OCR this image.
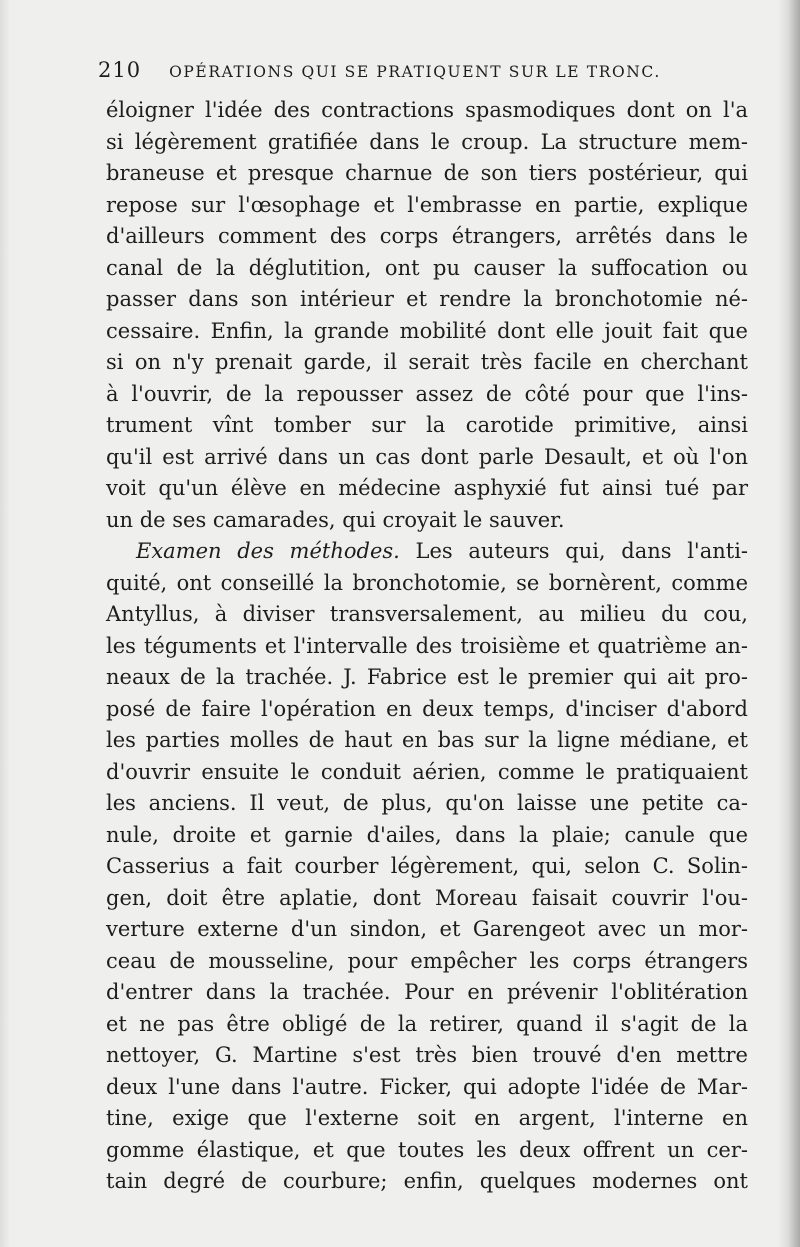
210 OPÉRATIONS QUI SE PRATIQUENT SUR LE TRONC.
éloigner l'idée des contractions spasmodiques dont on l'a
si légèrement gratifiée dans le croup. La structure mem-
braneuse et presque charnue de son tiers postérieur, qui
repose sur l'œsophage et l'embrasse en partie, explique
d'ailleurs comment des corps étrangers, arrêtés dans le
canal de la déglutition, ont pu causer la suffocation ou
passer dans son intérieur et rendre la bronchotomie né-
cessaire. Enfin, la grande mobilité dont elle jouit fait que
si on n'y prenait garde, il serait très facile en cherchant
à l'ouvrir, de la repousser assez de côté pour que l'ins-
trument vînt tomber sur la carotide primitive, ainsi
qu'il est arrivé dans un cas dont parle Desault, et où l'on
voit qu'un élève en médecine asphyxié fut ainsi tué par
un de ses camarades, qui croyait le sauver.
Examen des méthodes. Les auteurs qui, dans l'anti-
quité, ont conseillé la bronchotomie, se bornèrent, comme
Antyllus, à diviser transversalement, au milieu du cou,
les téguments et l'intervalle des troisième et quatrième an-
neaux de la trachée. J. Fabrice est le premier qui ait pro-
posé de faire l'opération en deux temps, d'inciser d'abord
les parties molles de haut en bas sur la ligne médiane, et
d'ouvrir ensuite le conduit aérien, comme le pratiquaient
les anciens. Il veut, de plus, qu'on laisse une petite ca-
nule, droite et garnie d'ailes, dans la plaie; canule que
Casserius a fait courber légèrement, qui, selon C. Solin-
gen, doit être aplatie, dont Moreau faisait couvrir l'ou-
verture externe d'un sindon, et Garengeot avec un mor-
ceau de mousseline, pour empêcher les corps étrangers
d'entrer dans la trachée. Pour en prévenir l'oblitération
et ne pas être obligé de la retirer, quand il s'agit de la
nettoyer, G. Martine s'est très bien trouvé d'en mettre
deux l'une dans l'autre. Ficker, qui adopte l'idée de Mar-
tine, exige que l'externe soit en argent, l'interne en
gomme élastique, et que toutes les deux offrent un cer-
tain degré de courbure; enfin, quelques modernes ont
